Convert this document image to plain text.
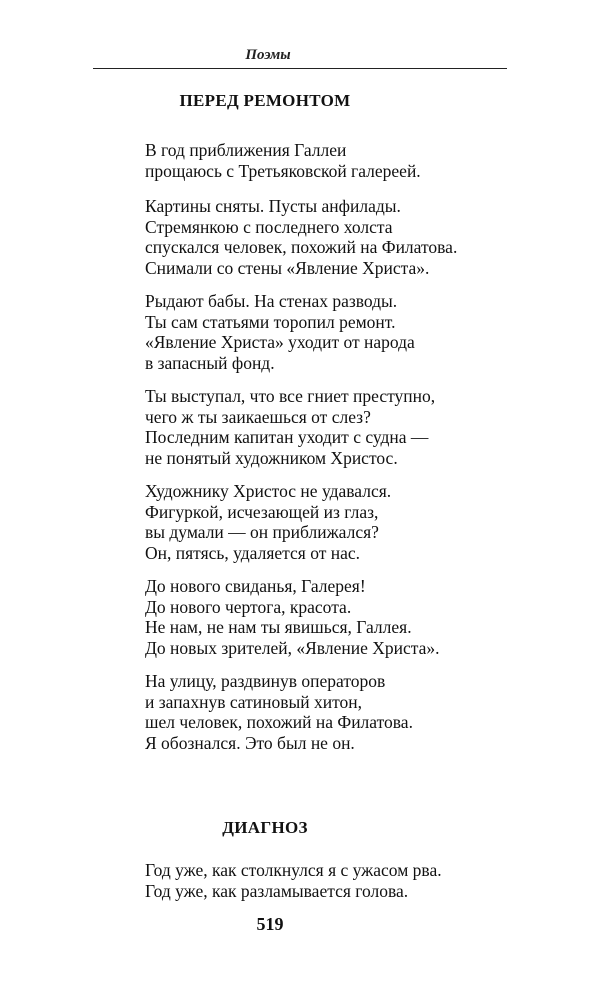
Поэмы
ПЕРЕД РЕМОНТОМ
В год приближения Галлеи
прощаюсь с Третьяковской галереей.
Картины сняты. Пусты анфилады.
Стремянкою с последнего холста
спускался человек, похожий на Филатова.
Снимали со стены «Явление Христа».
Рыдают бабы. На стенах разводы.
Ты сам статьями торопил ремонт.
«Явление Христа» уходит от народа
в запасный фонд.
Ты выступал, что все гниет преступно,
чего ж ты заикаешься от слез?
Последним капитан уходит с судна —
не понятый художником Христос.
Художнику Христос не удавался.
Фигуркой, исчезающей из глаз,
вы думали — он приближался?
Он, пятясь, удаляется от нас.
До нового свиданья, Галерея!
До нового чертога, красота.
Не нам, не нам ты явишься, Галлея.
До новых зрителей, «Явление Христа».
На улицу, раздвинув операторов
и запахнув сатиновый хитон,
шел человек, похожий на Филатова.
Я обознался. Это был не он.
ДИАГНОЗ
Год уже, как столкнулся я с ужасом рва.
Год уже, как разламывается голова.
519
